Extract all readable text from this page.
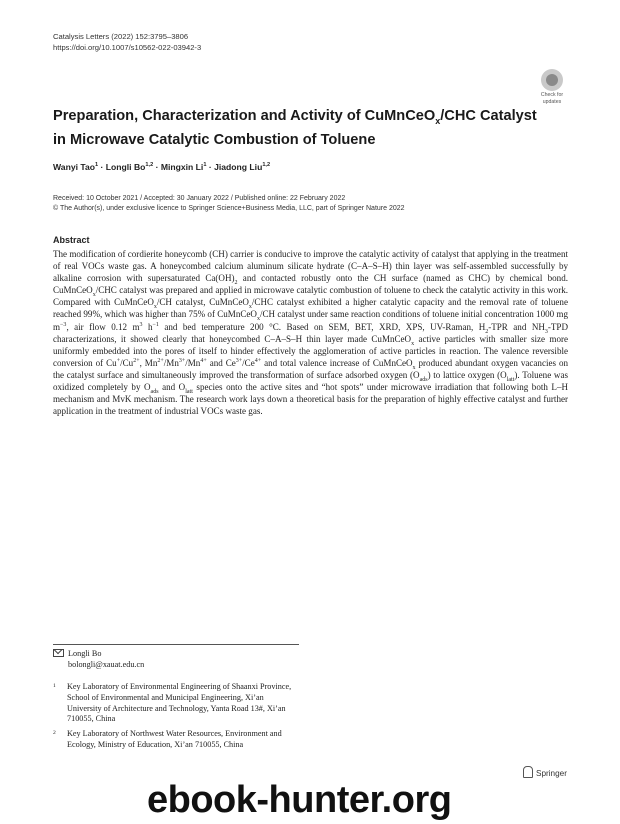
Catalysis Letters (2022) 152:3795–3806
https://doi.org/10.1007/s10562-022-03942-3
Check for
updates
Preparation, Characterization and Activity of CuMnCeO$_x$/CHC Catalyst in Microwave Catalytic Combustion of Toluene
Wanyi Tao$^1$ · Longli Bo$^{1,2}$ · Mingxin $Li^1$ · Jiadong Liu$^{1,2}$
Received: 10 October 2021 / Accepted: 30 January 2022 / Published online: 22 February 2022
© The Author(s), under exclusive licence to Springer Science+Business Media, LLC, part of Springer Nature 2022
Abstract

The modification of cordierite honeycomb (CH) carrier is conducive to improve the catalytic activity of catalyst that applying in the treatment of real VOCs waste gas. A honeycombed calcium aluminum silicate hydrate (C–A–S–H) thin layer was self-assembled successfully by alkaline corrosion with supersaturated $Ca(OH)_2$ and contacted robustly onto the CH surface (named as CHC) by chemical bond. CuMnCeO$_x$/CHC catalyst was prepared and applied in microwave catalytic combustion of toluene to check the catalytic activity in this work. Compared with CuMnCeO$_x$/CH catalyst, CuMnCeO$_x$/CHC catalyst exhibited a higher catalytic capacity and the removal rate of toluene reached 99%, which was higher than 75% of CuMnCeO$_x$/CH catalyst under same reaction conditions of toluene initial concentration 1000 mg $m^{-3}$, air flow 0.12 $m^3$ $h^{-1}$ and bed temperature 200 °C. Based on SEM, BET, XRD, XPS, UV-Raman, $H_2$-TPR and $NH_3$-TPD characterizations, it showed clearly that honeycombed C–A–S–H thin layer made CuMnCeO$_x$ active particles with smaller size more uniformly embedded into the pores of itself to hinder effectively the agglomeration of active particles in reaction. The valence reversible conversion of $Cu^+/Cu^{2+}$, $Mn^{2+}/Mn^{3+}/Mn^{4+}$ and $Ce^{3+}/Ce^{4+}$ and total valence increase of CuMnCeO$_x$ produced abundant oxygen vacancies on the catalyst surface and simultaneously improved the transformation of surface adsorbed oxygen $(O_{ads})$ to lattice oxygen $(O_{latt})$. Toluene was oxidized completely by $O_{ads}$ and $O_{latt}$ species onto the active sites and “hot spots” under microwave irradiation that following both L–H mechanism and MvK mechanism. The research work lays down a theoretical basis for the preparation of highly effective catalyst and further application in the treatment of industrial VOCs waste gas.

Longli Bo
bolongli@xauat.edu.cn
1 Key Laboratory of Environmental Engineering of Shaanxi Province, School of Environmental and Municipal Engineering, Xi’an University of Architecture and Technology, Yanta Road 13#, Xi’an 710055, China
2 Key Laboratory of Northwest Water Resources, Environment and Ecology, Ministry of Education, Xi’an 710055, China
Springer
ebook-hunter.org
